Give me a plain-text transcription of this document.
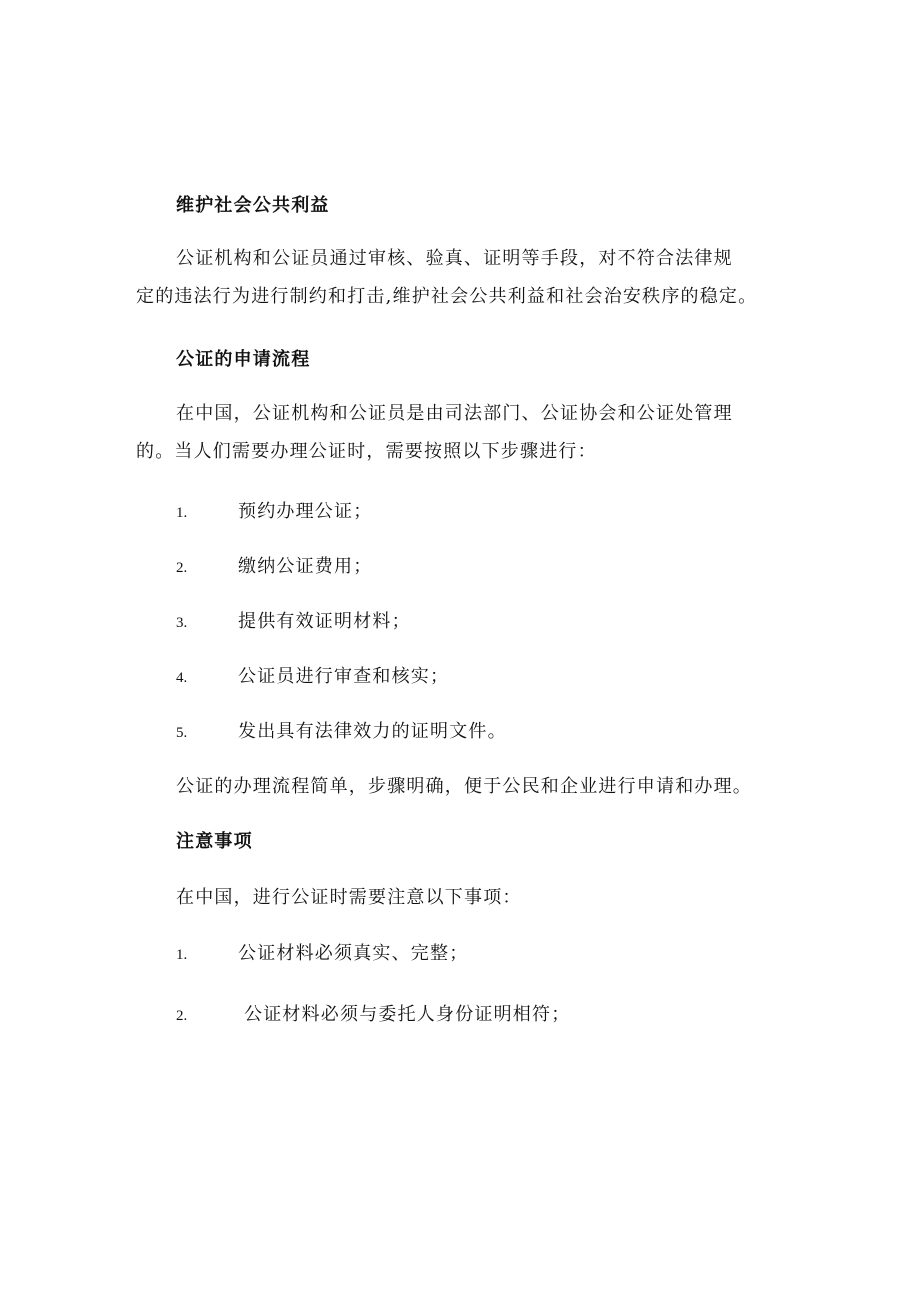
维护社会公共利益
公证机构和公证员通过审核、验真、证明等手段，对不符合法律规
定的违法行为进行制约和打击,维护社会公共利益和社会治安秩序的稳定。
公证的申请流程
在中国，公证机构和公证员是由司法部门、公证协会和公证处管理
的。当人们需要办理公证时，需要按照以下步骤进行：
1.	预约办理公证；
2.	缴纳公证费用；
3.	提供有效证明材料；
4.	公证员进行审查和核实；
5.	发出具有法律效力的证明文件。
公证的办理流程简单，步骤明确，便于公民和企业进行申请和办理。
注意事项
在中国，进行公证时需要注意以下事项：
1.	公证材料必须真实、完整；
2.	公证材料必须与委托人身份证明相符；
